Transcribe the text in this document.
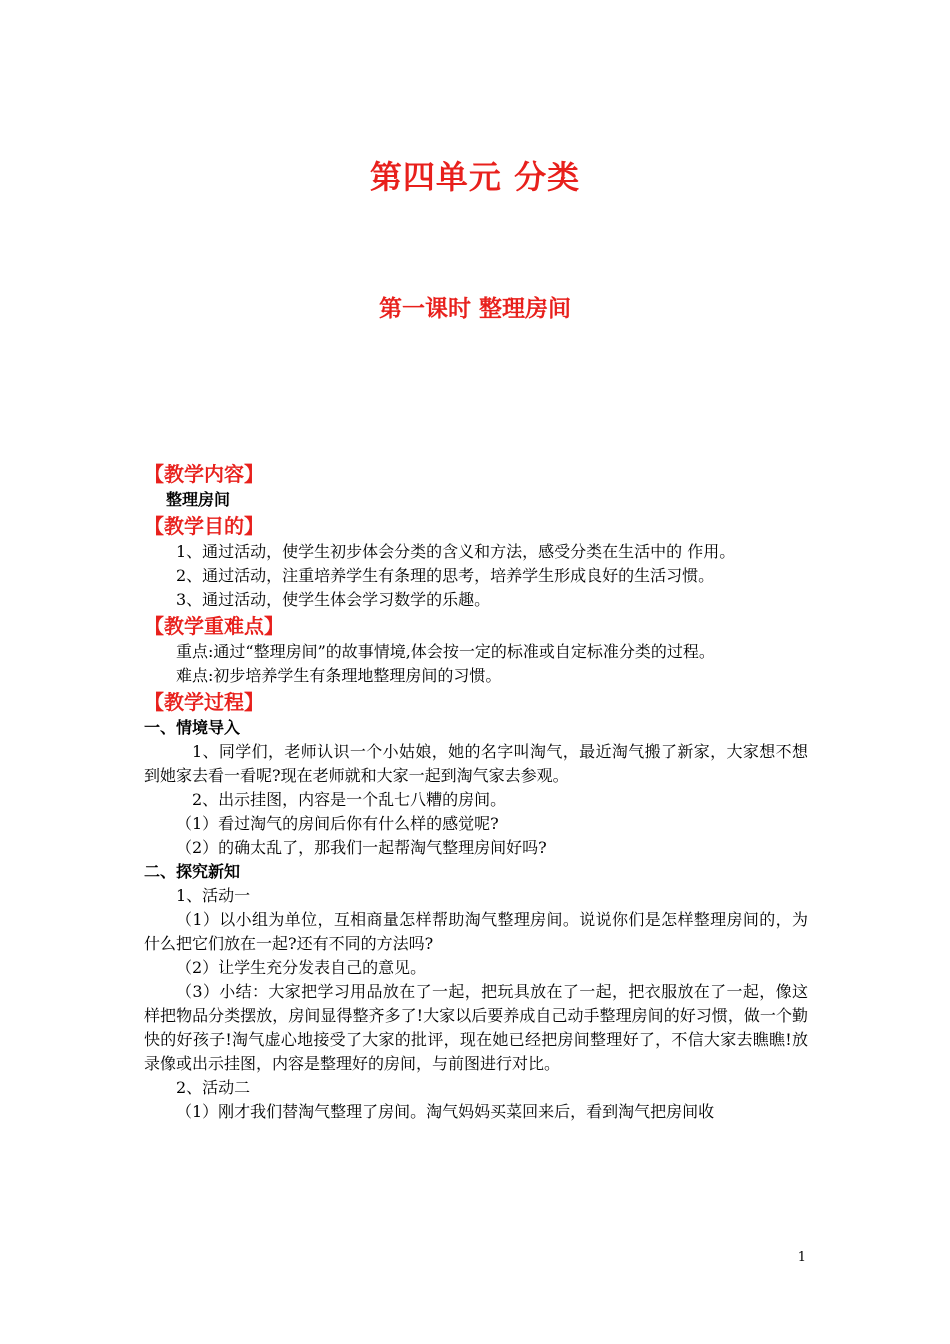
第四单元 分类
第一课时 整理房间
【教学内容】
整理房间
【教学目的】

1、通过活动，使学生初步体会分类的含义和方法，感受分类在生活中的 作用。

2、通过活动，注重培养学生有条理的思考，培养学生形成良好的生活习惯。

3、通过活动，使学生体会学习数学的乐趣。

【教学重难点】

重点:通过“整理房间”的故事情境,体会按一定的标准或自定标准分类的过程。

难点:初步培养学生有条理地整理房间的习惯。

【教学过程】
一、情境导入

1、同学们，老师认识一个小姑娘，她的名字叫淘气，最近淘气搬了新家，大家想不想到她家去看一看呢?现在老师就和大家一起到淘气家去参观。

2、出示挂图，内容是一个乱七八糟的房间。

（1）看过淘气的房间后你有什么样的感觉呢?

（2）的确太乱了，那我们一起帮淘气整理房间好吗?

二、探究新知

1、活动一

（1）以小组为单位，互相商量怎样帮助淘气整理房间。说说你们是怎样整理房间的，为什么把它们放在一起?还有不同的方法吗?

（2）让学生充分发表自己的意见。

（3）小结：大家把学习用品放在了一起，把玩具放在了一起，把衣服放在了一起，像这样把物品分类摆放，房间显得整齐多了!大家以后要养成自己动手整理房间的好习惯，做一个勤快的好孩子!淘气虚心地接受了大家的批评，现在她已经把房间整理好了，不信大家去瞧瞧!放录像或出示挂图，内容是整理好的房间，与前图进行对比。

2、活动二

（1）刚才我们替淘气整理了房间。淘气妈妈买菜回来后，看到淘气把房间收

1
